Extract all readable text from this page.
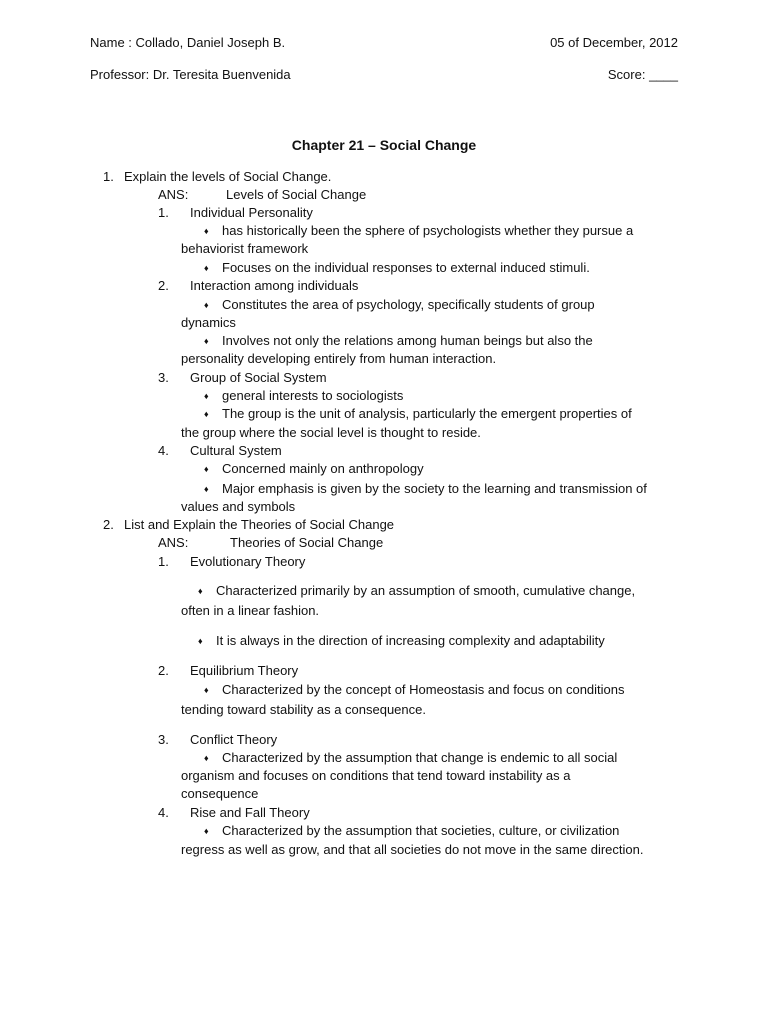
Name : Collado, Daniel Joseph B.	05 of December, 2012
Professor: Dr. Teresita Buenvenida	Score: ____
Chapter 21 – Social Change
1. Explain the levels of Social Change.
ANS:	Levels of Social Change
1. Individual Personality
♦ has historically been the sphere of psychologists whether they pursue a
behaviorist framework
♦ Focuses on the individual responses to external induced stimuli.
2. Interaction among individuals
♦ Constitutes the area of psychology, specifically students of group
dynamics
♦ Involves not only the relations among human beings but also the
personality developing entirely from human interaction.
3. Group of Social System
♦ general interests to sociologists
♦ The group is the unit of analysis, particularly the emergent properties of
the group where the social level is thought to reside.
4. Cultural System
♦ Concerned mainly on anthropology
♦ Major emphasis is given by the society to the learning and transmission of
values and symbols
2. List and Explain the Theories of Social Change
ANS:	Theories of Social Change
1. Evolutionary Theory
♦ Characterized primarily by an assumption of smooth, cumulative change,
often in a linear fashion.
♦ It is always in the direction of increasing complexity and adaptability
2. Equilibrium Theory
♦ Characterized by the concept of Homeostasis and focus on conditions
tending toward stability as a consequence.
3. Conflict Theory
♦ Characterized by the assumption that change is endemic to all social
organism and focuses on conditions that tend toward instability as a
consequence
4. Rise and Fall Theory
♦ Characterized by the assumption that societies, culture, or civilization
regress as well as grow, and that all societies do not move in the same direction.
